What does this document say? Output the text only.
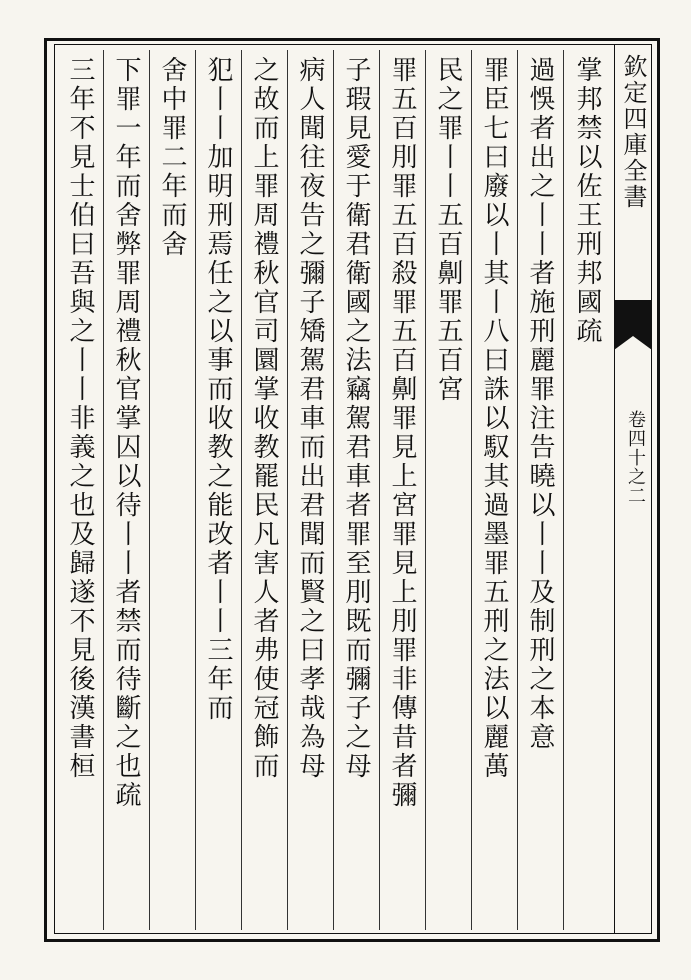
欽定四庫全書
卷四十之二
掌邦禁以佐王刑邦國疏
過悞者出之丨丨者施刑麗罪注告曉以丨丨及制刑之本意
罪臣七曰廢以丨其丨八曰誅以馭其過墨罪五刑之法以麗萬
民之罪丨丨五百劓罪五百宮
罪五百刖罪五百殺罪五百劓罪見上宮罪見上刖罪非傳昔者彌
子瑕見愛于衛君衛國之法竊駕君車者罪至刖既而彌子之母
病人聞往夜告之彌子矯駕君車而出君聞而賢之曰孝哉為母
之故而上罪周禮秋官司圜掌收教罷民凡害人者弗使冠飾而
犯丨丨加明刑焉任之以事而收教之能改者丨丨三年而
舍中罪二年而舍
下罪一年而舍弊罪周禮秋官掌囚以待丨丨者禁而待斷之也疏
三年不見士伯曰吾與之丨丨非義之也及歸遂不見後漢書桓
